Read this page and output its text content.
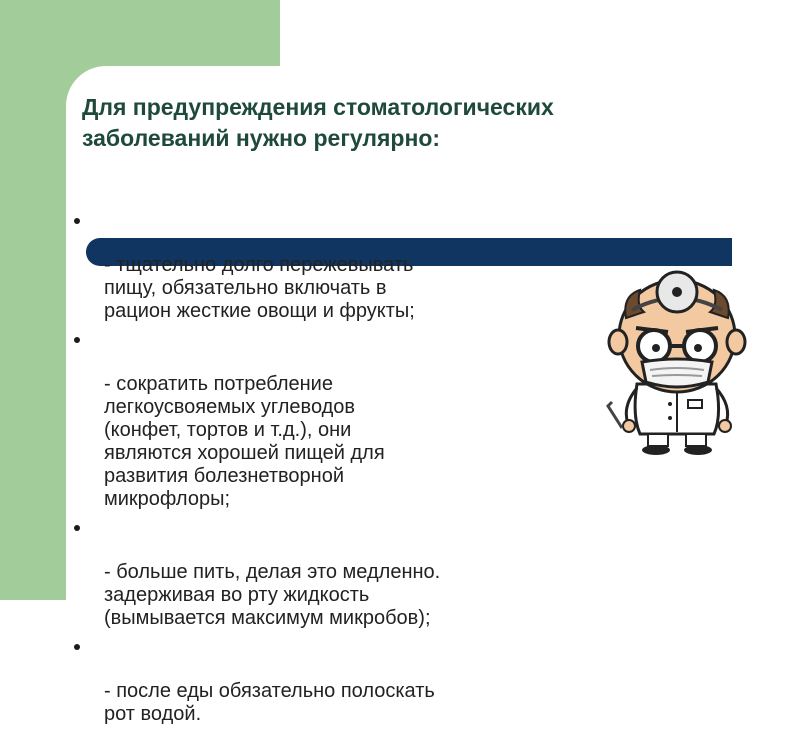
Для предупреждения стоматологических
заболеваний нужно регулярно:

- тщательно долго пережевывать
пищу, обязательно включать в
рацион жесткие овощи и фрукты;

- сократить потребление
легкоусвояемых углеводов
(конфет, тортов и т.д.), они
являются хорошей пищей для
развития болезнетворной
микрофлоры;

- больше пить, делая это медленно.
задерживая во рту жидкость
(вымывается максимум микробов);

- после еды обязательно полоскать
рот водой.
